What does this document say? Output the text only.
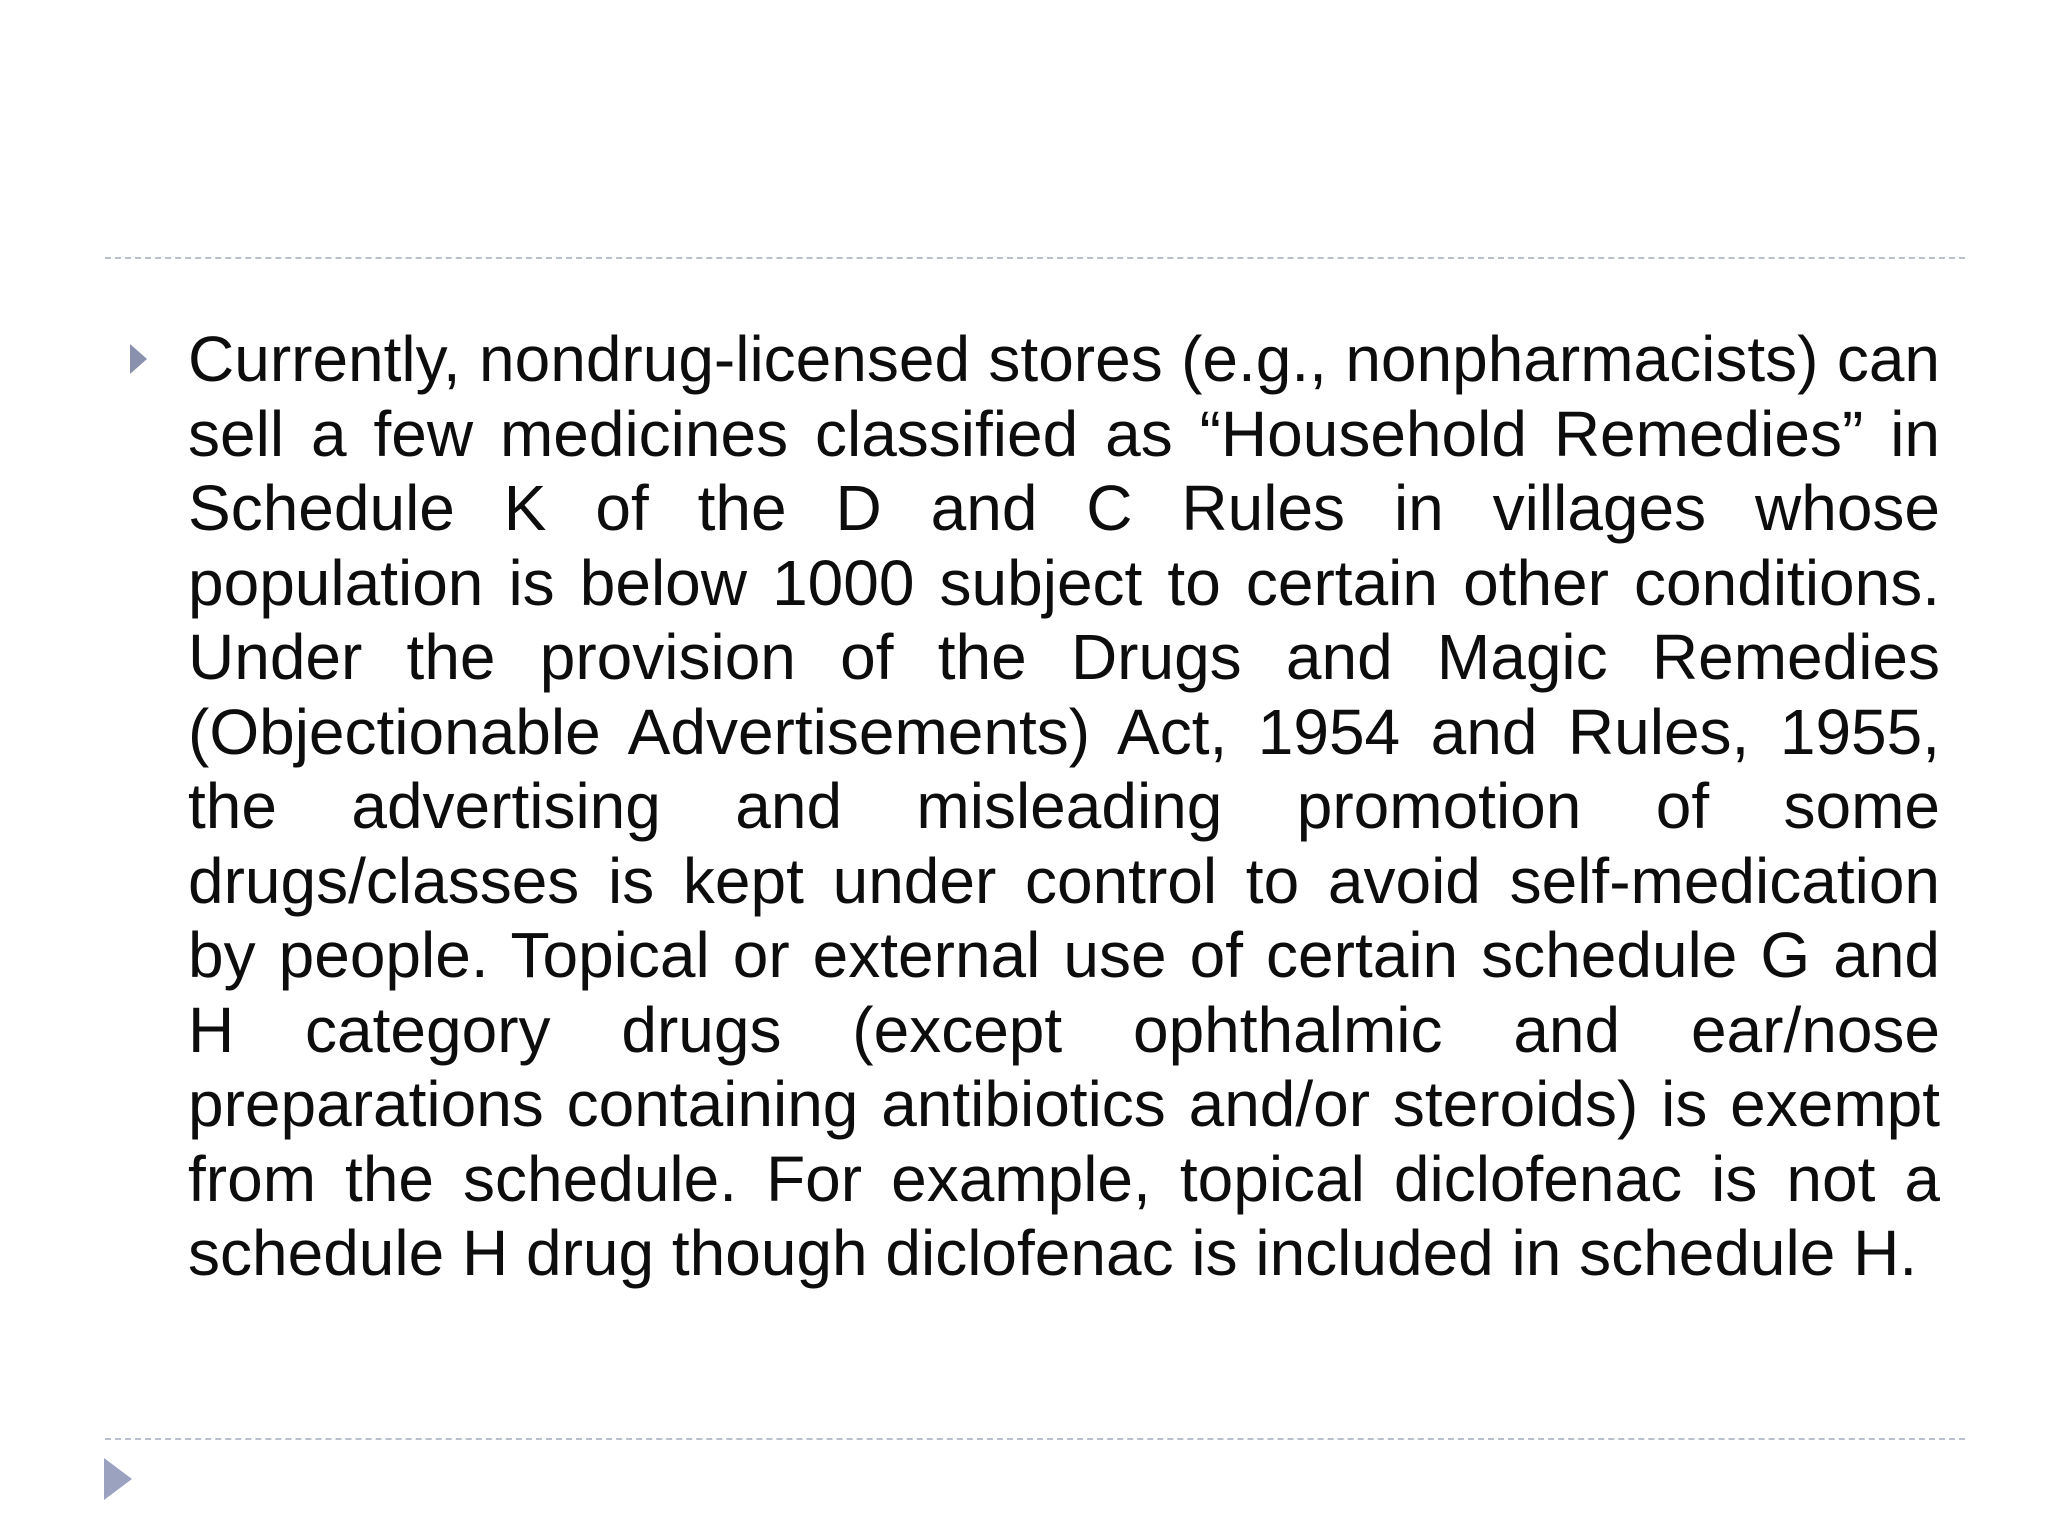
Currently, nondrug-licensed stores (e.g., nonpharmacists) can sell a few medicines classified as “Household Remedies” in Schedule K of the D and C Rules in villages whose population is below 1000 subject to certain other conditions. Under the provision of the Drugs and Magic Remedies (Objectionable Advertisements) Act, 1954 and Rules, 1955, the advertising and misleading promotion of some drugs/classes is kept under control to avoid self-medication by people. Topical or external use of certain schedule G and H category drugs (except ophthalmic and ear/nose preparations containing antibiotics and/or steroids) is exempt from the schedule. For example, topical diclofenac is not a schedule H drug though diclofenac is included in schedule H.
